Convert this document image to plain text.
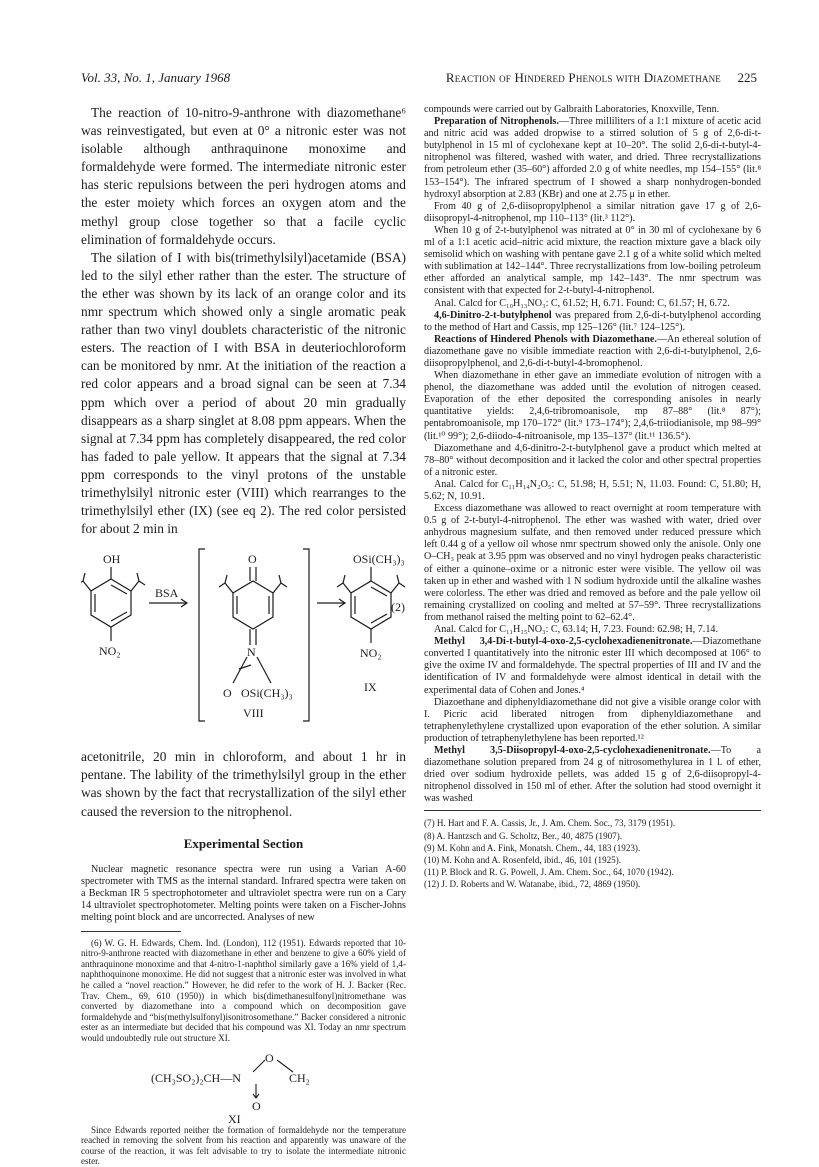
Vol. 33, No. 1, January 1968	Reaction of Hindered Phenols with Diazomethane 225

The reaction of 10-nitro-9-anthrone with diazomethane⁶ was reinvestigated, but even at 0° a nitronic ester was not isolable although anthraquinone monoxime and formaldehyde were formed. The intermediate nitronic ester has steric repulsions between the peri hydrogen atoms and the ester moiety which forces an oxygen atom and the methyl group close together so that a facile cyclic elimination of formaldehyde occurs.

The silation of I with bis(trimethylsilyl)acetamide (BSA) led to the silyl ether rather than the ester. The structure of the ether was shown by its lack of an orange color and its nmr spectrum which showed only a single aromatic peak rather than two vinyl doublets characteristic of the nitronic esters. The reaction of I with BSA in deuteriochloroform can be monitored by nmr. At the initiation of the reaction a red color appears and a broad signal can be seen at 7.34 ppm which over a period of about 20 min gradually disappears as a sharp singlet at 8.08 ppm appears. When the signal at 7.34 ppm has completely disappeared, the red color has faded to pale yellow. It appears that the signal at 7.34 ppm corresponds to the vinyl protons of the unstable trimethylsilyl nitronic ester (VIII) which rearranges to the trimethylsilyl ether (IX) (see eq 2). The red color persisted for about 2 min in

OH
NO₂
BSA
O
N
O OSi(CH₃)₃
VIII
OSi(CH₃)₃
NO₂
IX
(2)

acetonitrile, 20 min in chloroform, and about 1 hr in pentane. The lability of the trimethylsilyl group in the ether was shown by the fact that recrystallization of the silyl ether caused the reversion to the nitrophenol.

Experimental Section

Nuclear magnetic resonance spectra were run using a Varian A-60 spectrometer with TMS as the internal standard. Infrared spectra were taken on a Beckman IR 5 spectrophotometer and ultraviolet spectra were run on a Cary 14 ultraviolet spectrophotometer. Melting points were taken on a Fischer-Johns melting point block and are uncorrected. Analyses of new

(6) W. G. H. Edwards, Chem. Ind. (London), 112 (1951). Edwards reported that 10-nitro-9-anthrone reacted with diazomethane in ether and benzene to give a 60% yield of anthraquinone monoxime and that 4-nitro-1-naphthol similarly gave a 16% yield of 1,4-naphthoquinone monoxime. He did not suggest that a nitronic ester was involved in what he called a “novel reaction.” However, he did refer to the work of H. J. Backer (Rec. Trav. Chem., 69, 610 (1950)) in which bis(dimethanesulfonyl)nitromethane was converted by diazomethane into a compound which on decomposition gave formaldehyde and “bis(methylsulfonyl)isonitrosomethane.” Backer considered a nitronic ester as an intermediate but decided that his compound was XI. Today an nmr spectrum would undoubtedly rule out structure XI.

O
(CH₃SO₂)₂CH—N	CH₂
O
XI

Since Edwards reported neither the formation of formaldehyde nor the temperature reached in removing the solvent from his reaction and apparently was unaware of the course of the reaction, it was felt advisable to try to isolate the intermediate nitronic ester.

compounds were carried out by Galbraith Laboratories, Knoxville, Tenn.

Preparation of Nitrophenols.—Three milliliters of a 1:1 mixture of acetic acid and nitric acid was added dropwise to a stirred solution of 5 g of 2,6-di-t-butylphenol in 15 ml of cyclohexane kept at 10–20°. The solid 2,6-di-t-butyl-4-nitrophenol was filtered, washed with water, and dried. Three recrystallizations from petroleum ether (35–60°) afforded 2.0 g of white needles, mp 154–155° (lit.⁸ 153–154°). The infrared spectrum of I showed a sharp nonhydrogen-bonded hydroxyl absorption at 2.83 (KBr) and one at 2.75 μ in ether.

From 40 g of 2,6-diisopropylphenol a similar nitration gave 17 g of 2,6-diisopropyl-4-nitrophenol, mp 110–113° (lit.³ 112°).

When 10 g of 2-t-butylphenol was nitrated at 0° in 30 ml of cyclohexane by 6 ml of a 1:1 acetic acid–nitric acid mixture, the reaction mixture gave a black oily semisolid which on washing with pentane gave 2.1 g of a white solid which melted with sublimation at 142–144°. Three recrystallizations from low-boiling petroleum ether afforded an analytical sample, mp 142–143°. The nmr spectrum was consistent with that expected for 2-t-butyl-4-nitrophenol.

Anal. Calcd for C₁₀H₁₃NO₃: C, 61.52; H, 6.71. Found: C, 61.57; H, 6.72.

4,6-Dinitro-2-t-butylphenol was prepared from 2,6-di-t-butylphenol according to the method of Hart and Cassis, mp 125–126° (lit.⁷ 124–125°).

Reactions of Hindered Phenols with Diazomethane.—An ethereal solution of diazomethane gave no visible immediate reaction with 2,6-di-t-butylphenol, 2,6-diisopropylphenol, and 2,6-di-t-butyl-4-bromophenol.

When diazomethane in ether gave an immediate evolution of nitrogen with a phenol, the diazomethane was added until the evolution of nitrogen ceased. Evaporation of the ether deposited the corresponding anisoles in nearly quantitative yields: 2,4,6-tribromoanisole, mp 87–88° (lit.⁸ 87°); pentabromoanisole, mp 170–172° (lit.⁹ 173–174°); 2,4,6-triiodianisole, mp 98–99° (lit.¹⁰ 99°); 2,6-diiodo-4-nitroanisole, mp 135–137° (lit.¹¹ 136.5°).

Diazomethane and 4,6-dinitro-2-t-butylphenol gave a product which melted at 78–80° without decomposition and it lacked the color and other spectral properties of a nitronic ester.

Anal. Calcd for C₁₁H₁₄N₂O₅: C, 51.98; H, 5.51; N, 11.03. Found: C, 51.80; H, 5.62; N, 10.91.

Excess diazomethane was allowed to react overnight at room temperature with 0.5 g of 2-t-butyl-4-nitrophenol. The ether was washed with water, dried over anhydrous magnesium sulfate, and then removed under reduced pressure which left 0.44 g of a yellow oil whose nmr spectrum showed only the anisole. Only one O–CH₃ peak at 3.95 ppm was observed and no vinyl hydrogen peaks characteristic of either a quinone–oxime or a nitronic ester were visible. The yellow oil was taken up in ether and washed with 1 N sodium hydroxide until the alkaline washes were colorless. The ether was dried and removed as before and the pale yellow oil remaining crystallized on cooling and melted at 57–59°. Three recrystallizations from methanol raised the melting point to 62–62.4°.

Anal. Calcd for C₁₁H₁₅NO₃: C, 63.14; H, 7.23. Found: 62.98; H, 7.14.

Methyl 3,4-Di-t-butyl-4-oxo-2,5-cyclohexadienenitronate.—Diazomethane converted I quantitatively into the nitronic ester III which decomposed at 106° to give the oxime IV and formaldehyde. The spectral properties of III and IV and the identification of IV and formaldehyde were almost identical in detail with the experimental data of Cohen and Jones.⁴

Diazoethane and diphenyldiazomethane did not give a visible orange color with I. Picric acid liberated nitrogen from diphenyldiazomethane and tetraphenylethylene crystallized upon evaporation of the ether solution. A similar production of tetraphenylethylene has been reported.¹²

Methyl 3,5-Diisopropyl-4-oxo-2,5-cyclohexadienenitronate.—To a diazomethane solution prepared from 24 g of nitrosomethylurea in 1 l. of ether, dried over sodium hydroxide pellets, was added 15 g of 2,6-diisopropyl-4-nitrophenol dissolved in 150 ml of ether. After the solution had stood overnight it was washed

(7) H. Hart and F. A. Cassis, Jr., J. Am. Chem. Soc., 73, 3179 (1951).

(8) A. Hantzsch and G. Scholtz, Ber., 40, 4875 (1907).

(9) M. Kohn and A. Fink, Monatsh. Chem., 44, 183 (1923).

(10) M. Kohn and A. Rosenfeld, ibid., 46, 101 (1925).

(11) P. Block and R. G. Powell, J. Am. Chem. Soc., 64, 1070 (1942).

(12) J. D. Roberts and W. Watanabe, ibid., 72, 4869 (1950).
